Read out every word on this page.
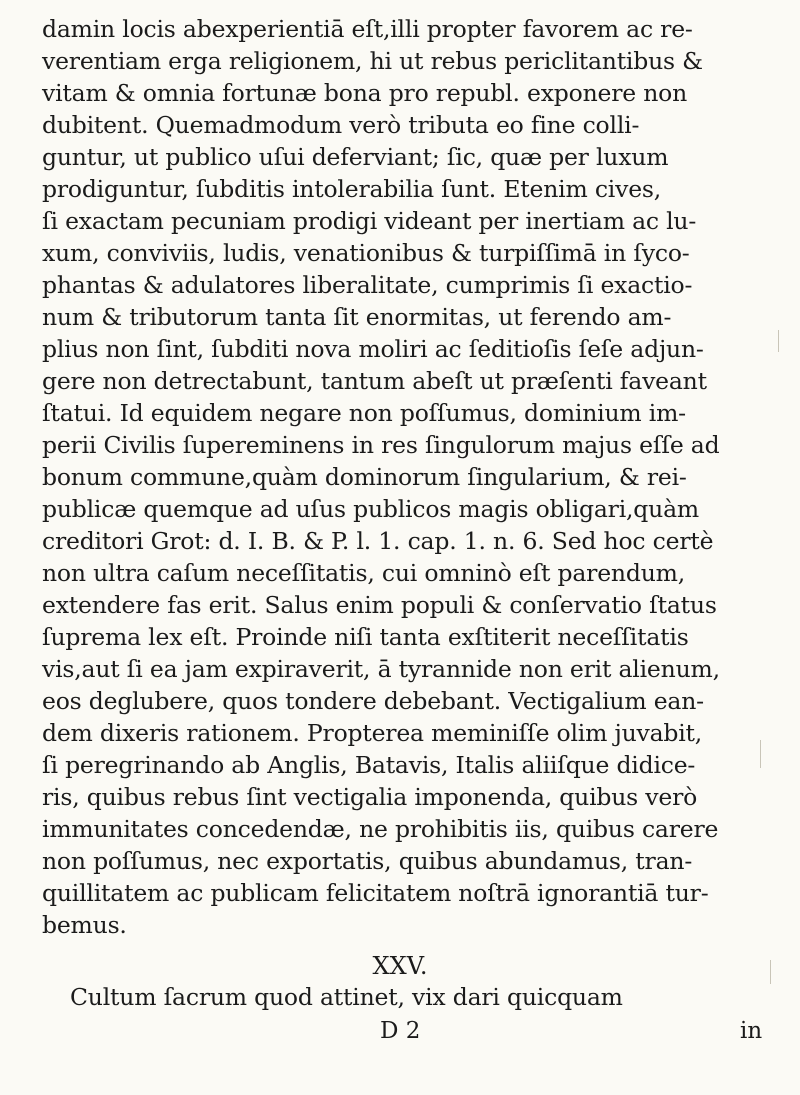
damin locis abexperientiā eſt,illi propter favorem ac re-
verentiam erga religionem, hi ut rebus periclitantibus &
vitam & omnia fortunæ bona pro republ. exponere non
dubitent. Quemadmodum verò tributa eo fine colli-
guntur, ut publico uſui deferviant; ſic, quæ per luxum
prodiguntur, ſubditis intolerabilia ſunt. Etenim cives,
ſi exactam pecuniam prodigi videant per inertiam ac lu-
xum, conviviis, ludis, venationibus & turpiſſimā in ſyco-
phantas & adulatores liberalitate, cumprimis ſi exactio-
num & tributorum tanta ſit enormitas, ut ferendo am-
plius non ſint, ſubditi nova moliri ac ſeditioſis ſeſe adjun-
gere non detrectabunt, tantum abeſt ut præſenti faveant
ſtatui. Id equidem negare non poſſumus, dominium im-
perii Civilis ſupereminens in res ſingulorum majus eſſe ad
bonum commune,quàm dominorum ſingularium, & rei-
publicæ quemque ad uſus publicos magis obligari,quàm
creditori Grot: d. I. B. & P. l. 1. cap. 1. n. 6. Sed hoc certè
non ultra caſum neceſſitatis, cui omninò eſt parendum,
extendere fas erit. Salus enim populi & conſervatio ſtatus
ſuprema lex eſt. Proinde niſi tanta exſtiterit neceſſitatis
vis,aut ſi ea jam expiraverit, ā tyrannide non erit alienum,
eos deglubere, quos tondere debebant. Vectigalium ean-
dem dixeris rationem. Propterea meminiſſe olim juvabit,
ſi peregrinando ab Anglis, Batavis, Italis aliiſque didice-
ris, quibus rebus ſint vectigalia imponenda, quibus verò
immunitates concedendæ, ne prohibitis iis, quibus carere
non poſſumus, nec exportatis, quibus abundamus, tran-
quillitatem ac publicam felicitatem noſtrā ignorantiā tur-
bemus.
XXV.
Cultum ſacrum quod attinet, vix dari quicquam
D 2	in
